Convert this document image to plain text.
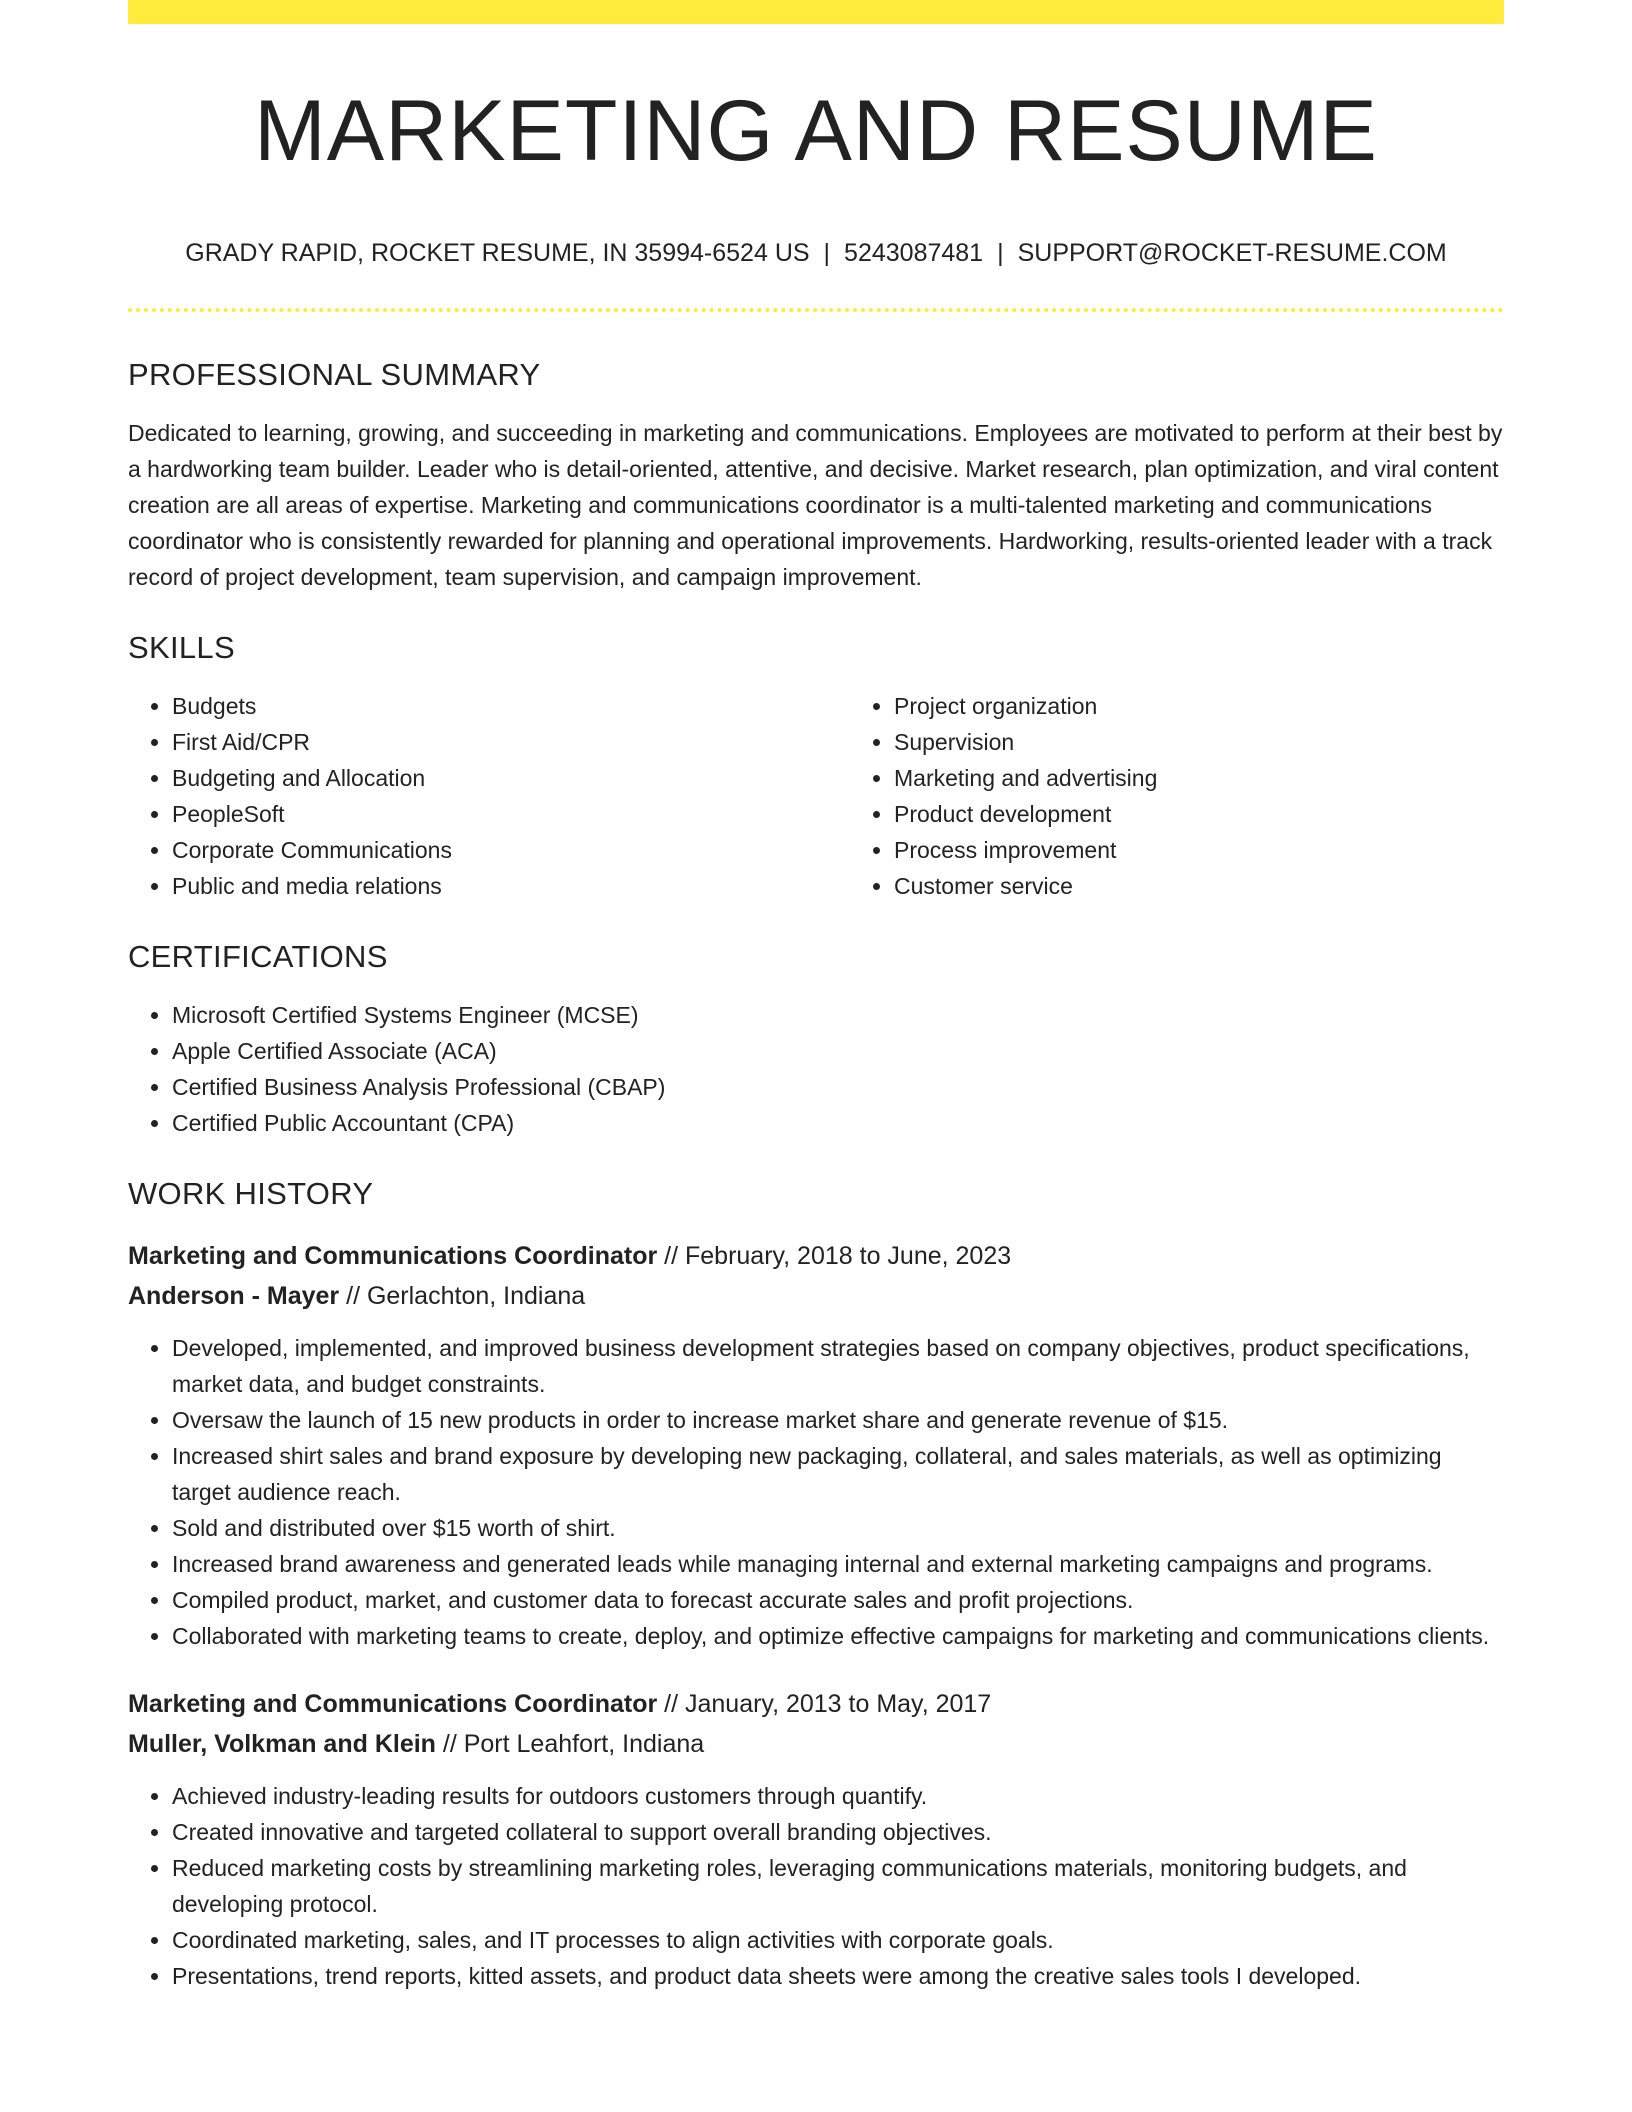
MARKETING AND RESUME
GRADY RAPID, ROCKET RESUME, IN 35994-6524 US | 5243087481 | SUPPORT@ROCKET-RESUME.COM
PROFESSIONAL SUMMARY
Dedicated to learning, growing, and succeeding in marketing and communications. Employees are motivated to perform at their best by a hardworking team builder. Leader who is detail-oriented, attentive, and decisive. Market research, plan optimization, and viral content creation are all areas of expertise. Marketing and communications coordinator is a multi-talented marketing and communications coordinator who is consistently rewarded for planning and operational improvements. Hardworking, results-oriented leader with a track record of project development, team supervision, and campaign improvement.
SKILLS
• Budgets
• First Aid/CPR
• Budgeting and Allocation
• PeopleSoft
• Corporate Communications
• Public and media relations
• Project organization
• Supervision
• Marketing and advertising
• Product development
• Process improvement
• Customer service
CERTIFICATIONS
• Microsoft Certified Systems Engineer (MCSE)
• Apple Certified Associate (ACA)
• Certified Business Analysis Professional (CBAP)
• Certified Public Accountant (CPA)
WORK HISTORY
Marketing and Communications Coordinator // February, 2018 to June, 2023
Anderson - Mayer // Gerlachton, Indiana
• Developed, implemented, and improved business development strategies based on company objectives, product specifications, market data, and budget constraints.
• Oversaw the launch of 15 new products in order to increase market share and generate revenue of $15.
• Increased shirt sales and brand exposure by developing new packaging, collateral, and sales materials, as well as optimizing target audience reach.
• Sold and distributed over $15 worth of shirt.
• Increased brand awareness and generated leads while managing internal and external marketing campaigns and programs.
• Compiled product, market, and customer data to forecast accurate sales and profit projections.
• Collaborated with marketing teams to create, deploy, and optimize effective campaigns for marketing and communications clients.
Marketing and Communications Coordinator // January, 2013 to May, 2017
Muller, Volkman and Klein // Port Leahfort, Indiana
• Achieved industry-leading results for outdoors customers through quantify.
• Created innovative and targeted collateral to support overall branding objectives.
• Reduced marketing costs by streamlining marketing roles, leveraging communications materials, monitoring budgets, and developing protocol.
• Coordinated marketing, sales, and IT processes to align activities with corporate goals.
• Presentations, trend reports, kitted assets, and product data sheets were among the creative sales tools I developed.
